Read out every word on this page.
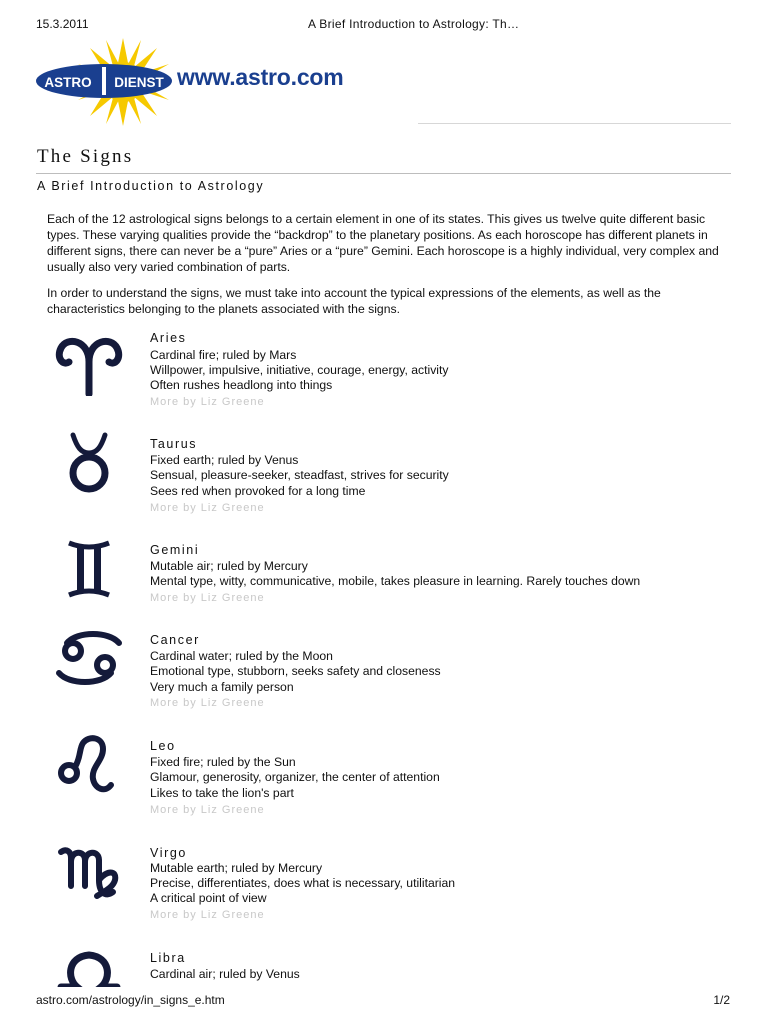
15.3.2011	A Brief Introduction to Astrology: Th…
ASTRO DIENST www.astro.com
The Signs
A Brief Introduction to Astrology

Each of the 12 astrological signs belongs to a certain element in one of its states. This gives us twelve quite different basic types. These varying qualities provide the “backdrop” to the planetary positions. As each horoscope has different planets in different signs, there can never be a “pure” Aries or a “pure” Gemini. Each horoscope is a highly individual, very complex and usually also very varied combination of parts.

In order to understand the signs, we must take into account the typical expressions of the elements, as well as the characteristics belonging to the planets associated with the signs.

Aries
Cardinal fire; ruled by Mars
Willpower, impulsive, initiative, courage, energy, activity
Often rushes headlong into things
More by Liz Greene
Taurus
Fixed earth; ruled by Venus
Sensual, pleasure-seeker, steadfast, strives for security
Sees red when provoked for a long time
More by Liz Greene
Gemini
Mutable air; ruled by Mercury
Mental type, witty, communicative, mobile, takes pleasure in learning. Rarely touches down
More by Liz Greene
Cancer
Cardinal water; ruled by the Moon
Emotional type, stubborn, seeks safety and closeness
Very much a family person
More by Liz Greene
Leo
Fixed fire; ruled by the Sun
Glamour, generosity, organizer, the center of attention
Likes to take the lion's part
More by Liz Greene
Virgo
Mutable earth; ruled by Mercury
Precise, differentiates, does what is necessary, utilitarian
A critical point of view
More by Liz Greene
Libra
Cardinal air; ruled by Venus
astro.com/astrology/in_signs_e.htm	1/2
